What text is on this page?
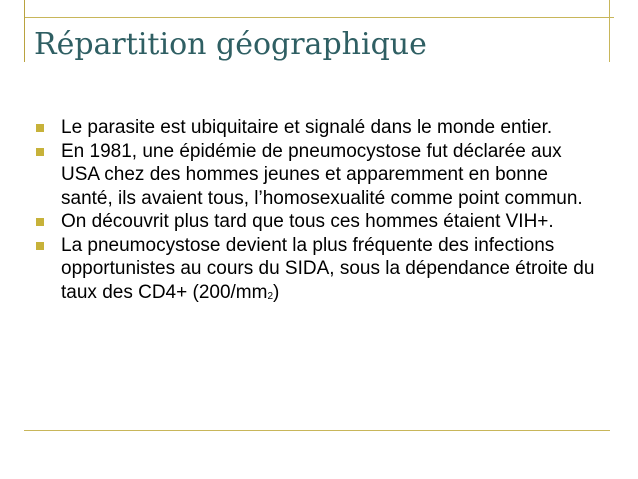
Répartition géographique
Le parasite est ubiquitaire et signalé dans le monde entier.
En 1981, une épidémie de pneumocystose fut déclarée aux USA chez des hommes jeunes et apparemment en bonne santé, ils avaient tous, l’homosexualité comme point commun.
On découvrit plus tard que tous ces hommes étaient VIH+.
La pneumocystose devient la plus fréquente des infections opportunistes au cours du SIDA, sous la dépendance étroite du taux des $CD4+ (200/mm_2)$
